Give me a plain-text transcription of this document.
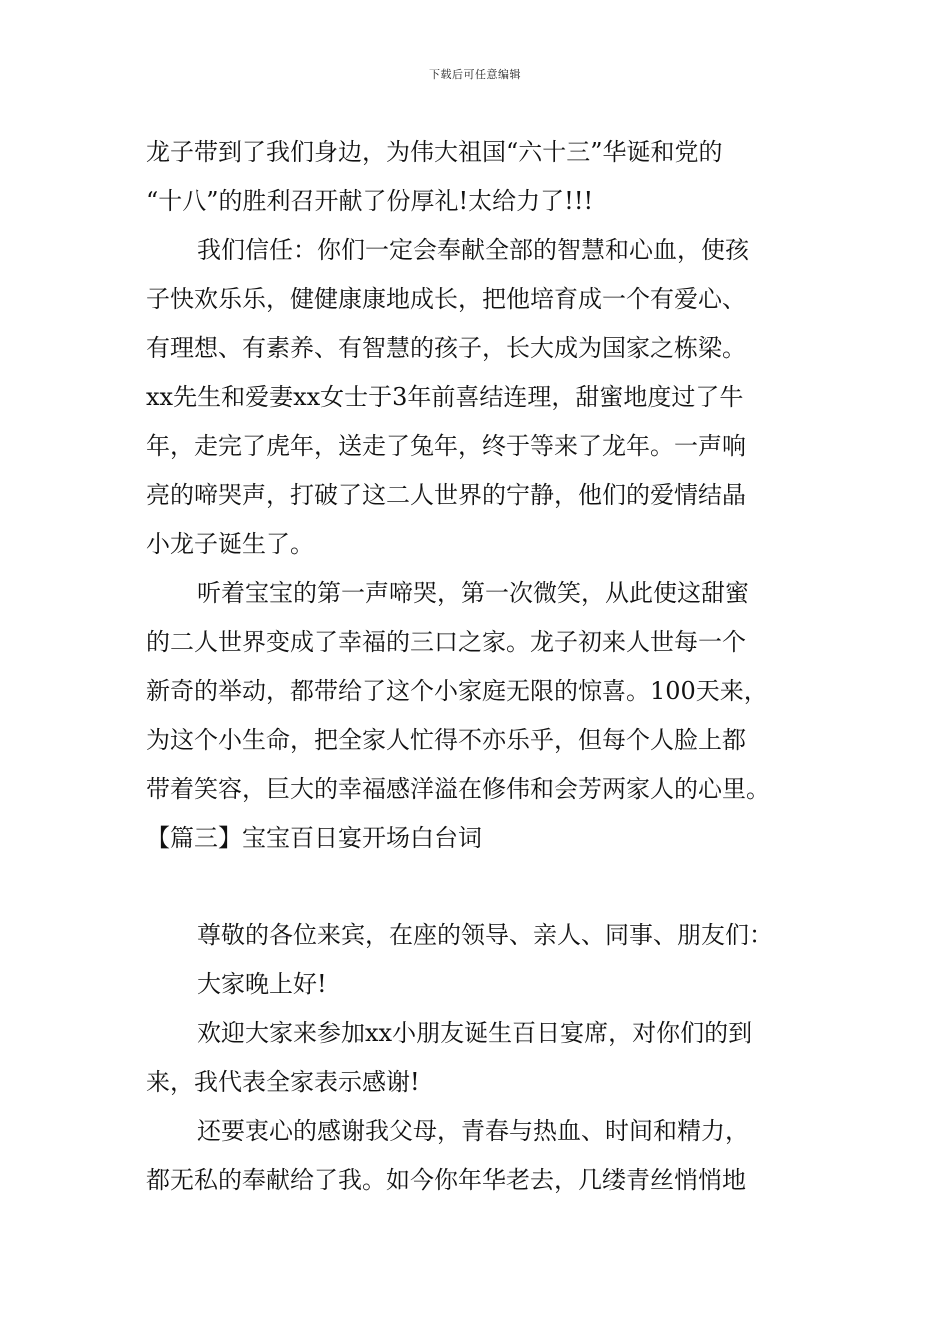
下载后可任意编辑
龙子带到了我们身边，为伟大祖国“六十三”华诞和党的
“十八”的胜利召开献了份厚礼!太给力了!!!
我们信任：你们一定会奉献全部的智慧和心血，使孩
子快欢乐乐，健健康康地成长，把他培育成一个有爱心、
有理想、有素养、有智慧的孩子，长大成为国家之栋梁。
xx先生和爱妻xx女士于3年前喜结连理，甜蜜地度过了牛
年，走完了虎年，送走了兔年，终于等来了龙年。一声响
亮的啼哭声，打破了这二人世界的宁静，他们的爱情结晶
小龙子诞生了。
听着宝宝的第一声啼哭，第一次微笑，从此使这甜蜜
的二人世界变成了幸福的三口之家。龙子初来人世每一个
新奇的举动，都带给了这个小家庭无限的惊喜。100天来，
为这个小生命，把全家人忙得不亦乐乎，但每个人脸上都
带着笑容，巨大的幸福感洋溢在修伟和会芳两家人的心里。
【篇三】宝宝百日宴开场白台词
尊敬的各位来宾，在座的领导、亲人、同事、朋友们：
大家晚上好!
欢迎大家来参加xx小朋友诞生百日宴席，对你们的到
来，我代表全家表示感谢!
还要衷心的感谢我父母，青春与热血、时间和精力，
都无私的奉献给了我。如今你年华老去，几缕青丝悄悄地
